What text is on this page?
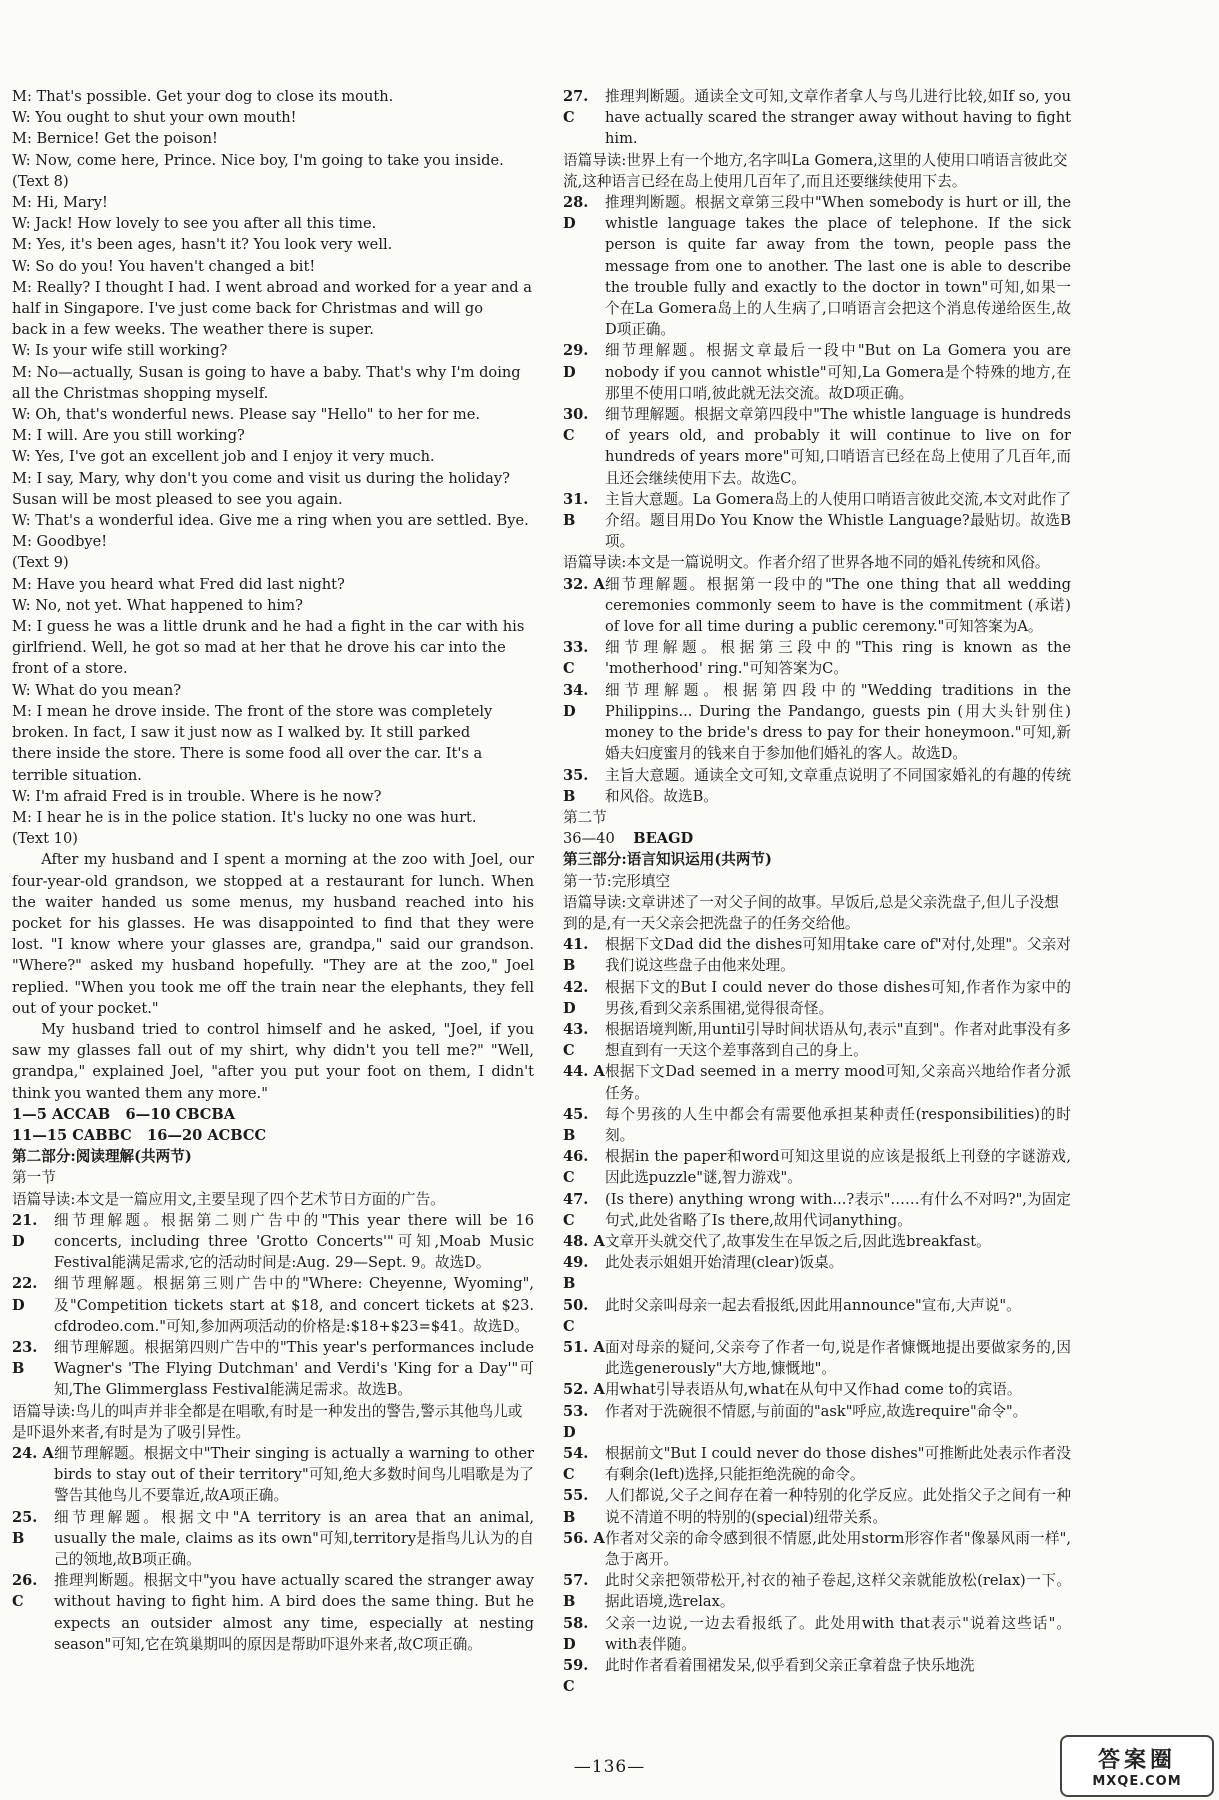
M: That's possible. Get your dog to close its mouth.
W: You ought to shut your own mouth!
M: Bernice! Get the poison!
W: Now, come here, Prince. Nice boy, I'm going to take you inside.
(Text 8)
M: Hi, Mary!
W: Jack! How lovely to see you after all this time.
M: Yes, it's been ages, hasn't it? You look very well.
W: So do you! You haven't changed a bit!
M: Really? I thought I had. I went abroad and worked for a year and a
half in Singapore. I've just come back for Christmas and will go
back in a few weeks. The weather there is super.
W: Is your wife still working?
M: No—actually, Susan is going to have a baby. That's why I'm doing
all the Christmas shopping myself.
W: Oh, that's wonderful news. Please say "Hello" to her for me.
M: I will. Are you still working?
W: Yes, I've got an excellent job and I enjoy it very much.
M: I say, Mary, why don't you come and visit us during the holiday?
Susan will be most pleased to see you again.
W: That's a wonderful idea. Give me a ring when you are settled. Bye.
M: Goodbye!
(Text 9)
M: Have you heard what Fred did last night?
W: No, not yet. What happened to him?
M: I guess he was a little drunk and he had a fight in the car with his
girlfriend. Well, he got so mad at her that he drove his car into the
front of a store.
W: What do you mean?
M: I mean he drove inside. The front of the store was completely
broken. In fact, I saw it just now as I walked by. It still parked
there inside the store. There is some food all over the car. It's a
terrible situation.
W: I'm afraid Fred is in trouble. Where is he now?
M: I hear he is in the police station. It's lucky no one was hurt.
(Text 10)
After my husband and I spent a morning at the zoo with Joel, our four-year-old grandson, we stopped at a restaurant for lunch. When the waiter handed us some menus, my husband reached into his pocket for his glasses. He was disappointed to find that they were lost. "I know where your glasses are, grandpa," said our grandson. "Where?" asked my husband hopefully. "They are at the zoo," Joel replied. "When you took me off the train near the elephants, they fell out of your pocket."
My husband tried to control himself and he asked, "Joel, if you saw my glasses fall out of my shirt, why didn't you tell me?" "Well, grandpa," explained Joel, "after you put your foot on them, I didn't think you wanted them any more."
1—5 ACCAB 6—10 CBCBA
11—15 CABBC 16—20 ACBCC
第二部分:阅读理解(共两节)
第一节
语篇导读:本文是一篇应用文,主要呈现了四个艺术节日方面的广告。
21. D
细节理解题。根据第二则广告中的"This year there will be 16 concerts, including three 'Grotto Concerts'"可知,Moab Music Festival能满足需求,它的活动时间是:Aug. 29—Sept. 9。故选D。
22. D
细节理解题。根据第三则广告中的"Where: Cheyenne, Wyoming",及"Competition tickets start at $18, and concert tickets at $23. cfdrodeo.com."可知,参加两项活动的价格是:$18+$23=$41。故选D。
23. B
细节理解题。根据第四则广告中的"This year's performances include Wagner's 'The Flying Dutchman' and Verdi's 'King for a Day'"可知,The Glimmerglass Festival能满足需求。故选B。
语篇导读:鸟儿的叫声并非全都是在唱歌,有时是一种发出的警告,警示其他鸟儿或是吓退外来者,有时是为了吸引异性。
24. A 细节理解题。根据文中"Their singing is actually a warning to other birds to stay out of their territory"可知,绝大多数时间鸟儿唱歌是为了警告其他鸟儿不要靠近,故A项正确。
25. B
细节理解题。根据文中"A territory is an area that an animal, usually the male, claims as its own"可知,territory是指鸟儿认为的自己的领地,故B项正确。
26. C
推理判断题。根据文中"you have actually scared the stranger away without having to fight him. A bird does the same thing. But he expects an outsider almost any time, especially at nesting season"可知,它在筑巢期叫的原因是帮助吓退外来者,故C项正确。
27. C
推理判断题。通读全文可知,文章作者拿人与鸟儿进行比较,如If so, you have actually scared the stranger away without having to fight him.
语篇导读:世界上有一个地方,名字叫La Gomera,这里的人使用口哨语言彼此交流,这种语言已经在岛上使用几百年了,而且还要继续使用下去。
28. D
推理判断题。根据文章第三段中"When somebody is hurt or ill, the whistle language takes the place of telephone. If the sick person is quite far away from the town, people pass the message from one to another. The last one is able to describe the trouble fully and exactly to the doctor in town"可知,如果一个在La Gomera岛上的人生病了,口哨语言会把这个消息传递给医生,故D项正确。
29. D
细节理解题。根据文章最后一段中"But on La Gomera you are nobody if you cannot whistle"可知,La Gomera是个特殊的地方,在那里不使用口哨,彼此就无法交流。故D项正确。
30. C
细节理解题。根据文章第四段中"The whistle language is hundreds of years old, and probably it will continue to live on for hundreds of years more"可知,口哨语言已经在岛上使用了几百年,而且还会继续使用下去。故选C。
31. B
主旨大意题。La Gomera岛上的人使用口哨语言彼此交流,本文对此作了介绍。题目用Do You Know the Whistle Language?最贴切。故选B项。
语篇导读:本文是一篇说明文。作者介绍了世界各地不同的婚礼传统和风俗。
32. A 细节理解题。根据第一段中的"The one thing that all wedding ceremonies commonly seem to have is the commitment (承诺) of love for all time during a public ceremony."可知答案为A。
33. C
细节理解题。根据第三段中的"This ring is known as the 'motherhood' ring."可知答案为C。
34. D
细节理解题。根据第四段中的"Wedding traditions in the Philippins... During the Pandango, guests pin (用大头针别住) money to the bride's dress to pay for their honeymoon."可知,新婚夫妇度蜜月的钱来自于参加他们婚礼的客人。故选D。
35. B
主旨大意题。通读全文可知,文章重点说明了不同国家婚礼的有趣的传统和风俗。故选B。
第二节
36—40 BEAGD
第三部分:语言知识运用(共两节)
第一节:完形填空
语篇导读:文章讲述了一对父子间的故事。早饭后,总是父亲洗盘子,但儿子没想到的是,有一天父亲会把洗盘子的任务交给他。
41. B
根据下文Dad did the dishes可知用take care of"对付,处理"。父亲对我们说这些盘子由他来处理。
42. D
根据下文的But I could never do those dishes可知,作者作为家中的男孩,看到父亲系围裙,觉得很奇怪。
43. C
根据语境判断,用until引导时间状语从句,表示"直到"。作者对此事没有多想直到有一天这个差事落到自己的身上。
44. A 根据下文Dad seemed in a merry mood可知,父亲高兴地给作者分派任务。
45. B
每个男孩的人生中都会有需要他承担某种责任(responsibilities)的时刻。
46. C
根据in the paper和word可知这里说的应该是报纸上刊登的字谜游戏,因此选puzzle"谜,智力游戏"。
47. C
(Is there) anything wrong with...?表示"……有什么不对吗?",为固定句式,此处省略了Is there,故用代词anything。
48. A 文章开头就交代了,故事发生在早饭之后,因此选breakfast。
49. B
此处表示姐姐开始清理(clear)饭桌。
50. C
此时父亲叫母亲一起去看报纸,因此用announce"宣布,大声说"。
51. A 面对母亲的疑问,父亲夸了作者一句,说是作者慷慨地提出要做家务的,因此选generously"大方地,慷慨地"。
52. A 用what引导表语从句,what在从句中又作had come to的宾语。
53. D
作者对于洗碗很不情愿,与前面的"ask"呼应,故选require"命令"。
54. C
根据前文"But I could never do those dishes"可推断此处表示作者没有剩余(left)选择,只能拒绝洗碗的命令。
55. B
人们都说,父子之间存在着一种特别的化学反应。此处指父子之间有一种说不清道不明的特别的(special)纽带关系。
56. A 作者对父亲的命令感到很不情愿,此处用storm形容作者"像暴风雨一样",急于离开。
57. B
此时父亲把领带松开,衬衣的袖子卷起,这样父亲就能放松(relax)一下。据此语境,选relax。
58. D
父亲一边说,一边去看报纸了。此处用with that表示"说着这些话"。with表伴随。
59. C
此时作者看着围裙发呆,似乎看到父亲正拿着盘子快乐地洗
—136—	答案圈
MXQE.COM
